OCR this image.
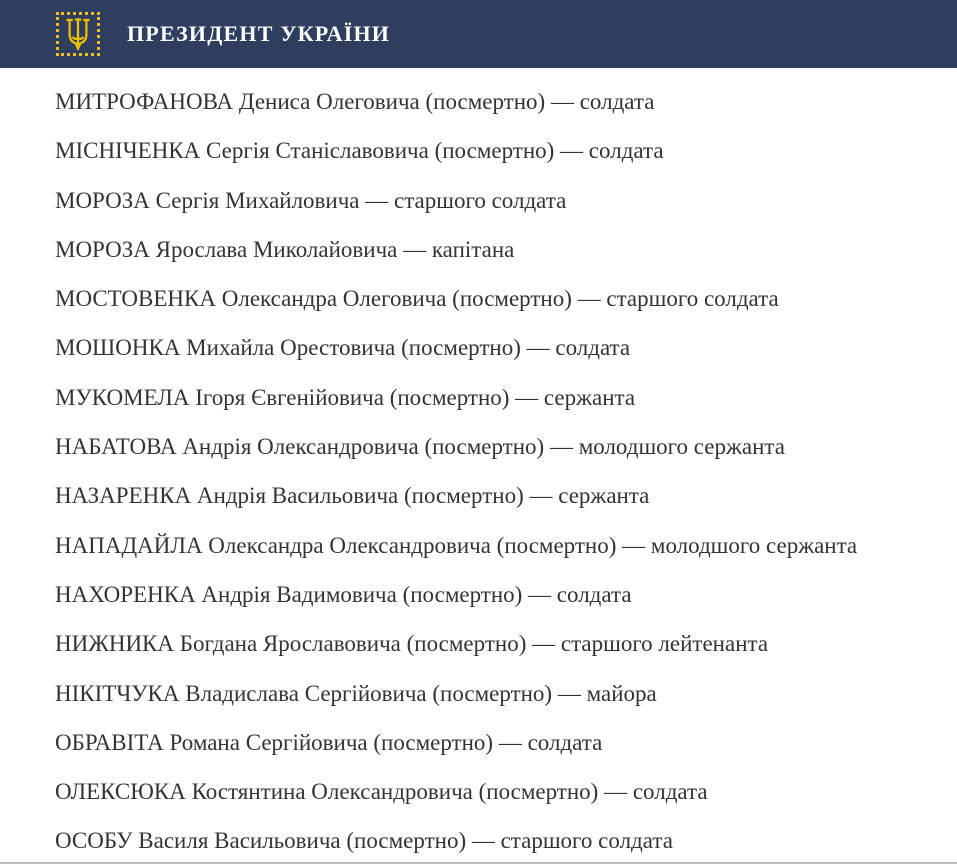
ПРЕЗИДЕНТ УКРАЇНИ

МИТРОФАНОВА Дениса Олеговича (посмертно) — солдата

МІСНІЧЕНКА Сергія Станіславовича (посмертно) — солдата

МОРОЗА Сергія Михайловича — старшого солдата

МОРОЗА Ярослава Миколайовича — капітана

МОСТОВЕНКА Олександра Олеговича (посмертно) — старшого солдата

МОШОНКА Михайла Орестовича (посмертно) — солдата

МУКОМЕЛА Ігоря Євгенійовича (посмертно) — сержанта

НАБАТОВА Андрія Олександровича (посмертно) — молодшого сержанта

НАЗАРЕНКА Андрія Васильовича (посмертно) — сержанта

НАПАДАЙЛА Олександра Олександровича (посмертно) — молодшого сержанта

НАХОРЕНКА Андрія Вадимовича (посмертно) — солдата

НИЖНИКА Богдана Ярославовича (посмертно) — старшого лейтенанта

НІКІТЧУКА Владислава Сергійовича (посмертно) — майора

ОБРАВІТА Романа Сергійовича (посмертно) — солдата

ОЛЕКСЮКА Костянтина Олександровича (посмертно) — солдата

ОСОБУ Василя Васильовича (посмертно) — старшого солдата
